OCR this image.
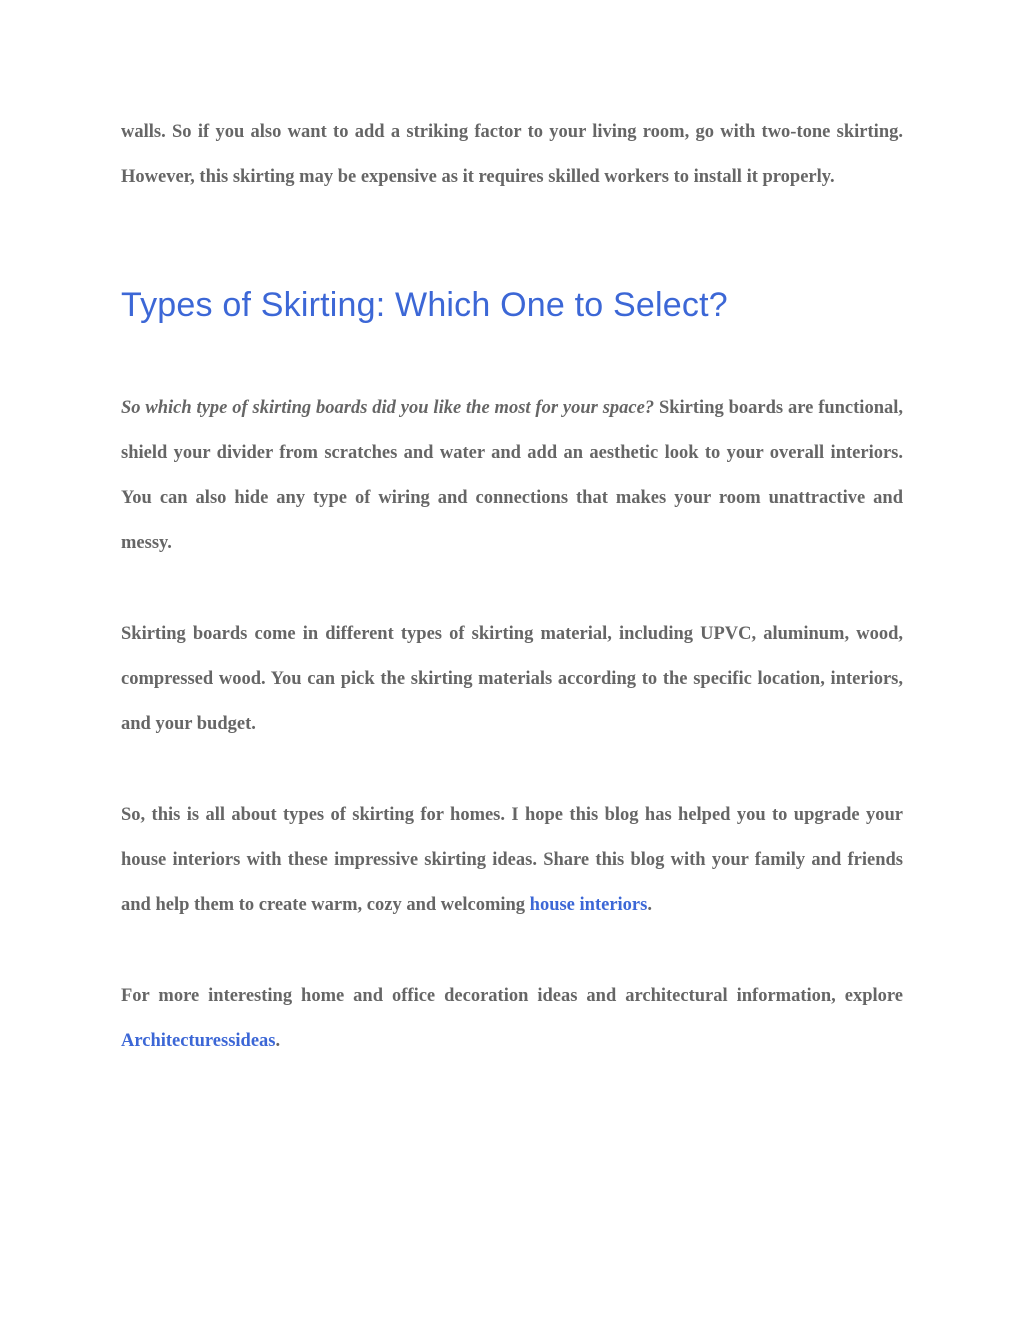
walls. So if you also want to add a striking factor to your living room, go with two-tone skirting. However, this skirting may be expensive as it requires skilled workers to install it properly.

Types of Skirting: Which One to Select?

So which type of skirting boards did you like the most for your space? Skirting boards are functional, shield your divider from scratches and water and add an aesthetic look to your overall interiors. You can also hide any type of wiring and connections that makes your room unattractive and messy.

Skirting boards come in different types of skirting material, including UPVC, aluminum, wood, compressed wood. You can pick the skirting materials according to the specific location, interiors, and your budget.

So, this is all about types of skirting for homes. I hope this blog has helped you to upgrade your house interiors with these impressive skirting ideas. Share this blog with your family and friends and help them to create warm, cozy and welcoming house interiors.

For more interesting home and office decoration ideas and architectural information, explore Architecturessideas.
